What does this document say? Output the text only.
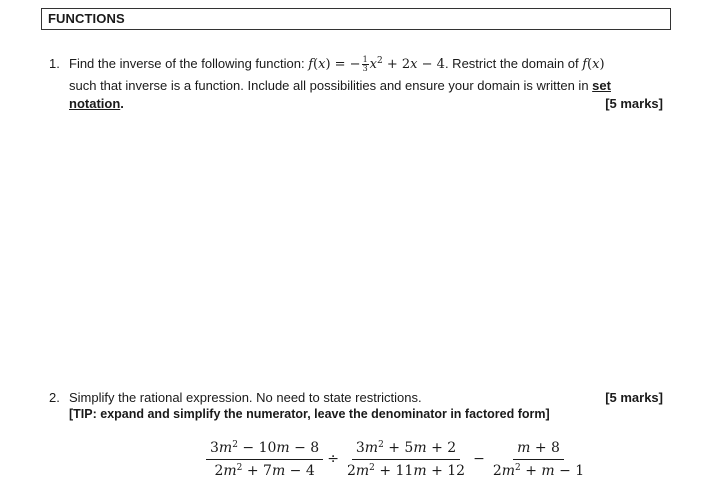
FUNCTIONS
1. Find the inverse of the following function: f(x) = − $\frac{1}{3} x^2 + 2x - 4$. Restrict the domain of f(x)
such that inverse is a function. Include all possibilities and ensure your domain is written in set
notation.	[5 marks]
2. Simplify the rational expression. No need to state restrictions.	[5 marks]
[TIP: expand and simplify the numerator, leave the denominator in factored form]
$\frac{3m^2 - 10m - 8}{2m^2 + 7m - 4} \div \frac{3m^2 + 5m + 2}{2m^2 + 11m + 12} - \frac{m + 8}{2m^2 + m - 1}$
